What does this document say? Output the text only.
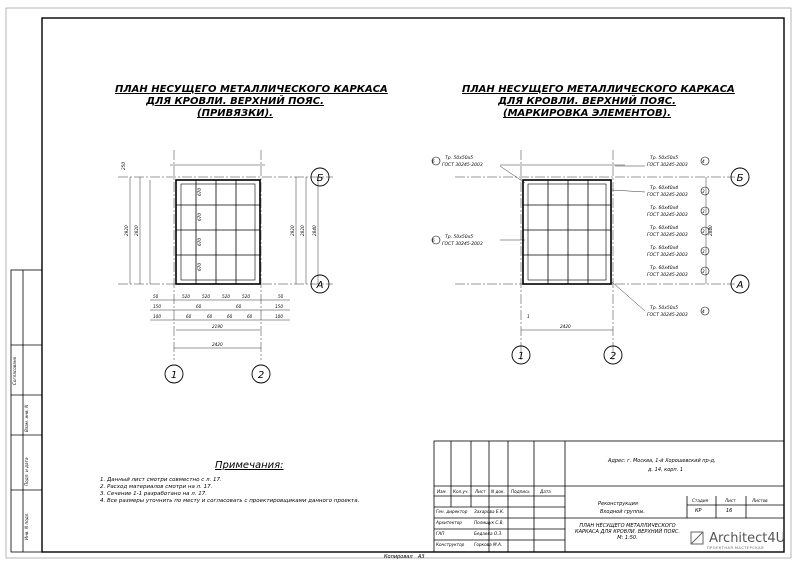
Б
А
1	2
250
2920 2820	2920 2820 2840
670
670
670
670
50	520	520	520	520	50
150	60	60	150
100	60	60	60	60	100
2190
2420
Б
А
1	2
2420
2840
6
Тр. 50х50х5
ГОСТ 30245-2003
6
Тр. 50х50х5
ГОСТ 30245-2003
Тр. 50х50х5
ГОСТ 30245-2003
4
Тр. 60х40х4
ГОСТ 30245-2003
3
Тр. 60х40х4
ГОСТ 30245-2003
3
Тр. 60х40х4
ГОСТ 30245-2003
3
Тр. 60х40х4
ГОСТ 30245-2003
3
Тр. 60х40х4
ГОСТ 30245-2003
3
Тр. 50х50х5
ГОСТ 30245-2003
4
1
ПЛАН НЕСУЩЕГО МЕТАЛЛИЧЕСКОГО КАРКАСА
ДЛЯ КРОВЛИ. ВЕРХНИЙ ПОЯС.
(ПРИВЯЗКИ).
ПЛАН НЕСУЩЕГО МЕТАЛЛИЧЕСКОГО КАРКАСА
ДЛЯ КРОВЛИ. ВЕРХНИЙ ПОЯС.
(МАРКИРОВКА ЭЛЕМЕНТОВ).
Примечания:
1. Данный лист смотри совместно с л. 17.
2. Расход материалов смотри на л. 17.
3. Сечение 1-1 разработано на л. 17.
4. Все размеры уточнить по месту и согласовать с проектировщиками данного проекта.
Согласовано
Взам. инв. N
Подп. и дата
Инв. N подл.
Адрес: г. Москва, 1-й Хорошевский пр-д,
д. 14, корп. 1
Изм. Кол.уч. Лист N док. Подпись Дата
Ген. директор Захарова Е.К.
Архитектор	Полищук С.В.
ГАП	Бедаева О.З.
Конструктор Горкова М.А.
Реконструкция
Входной группы.
Стадия	Лист	Листов
КР	16
ПЛАН НЕСУЩЕГО МЕТАЛЛИЧЕСКОГО
КАРКАСА ДЛЯ КРОВЛИ. ВЕРХНИЙ ПОЯС.
М: 1:50.
Копировал А3
Architect4U
ПРОЕКТНАЯ МАСТЕРСКАЯ
